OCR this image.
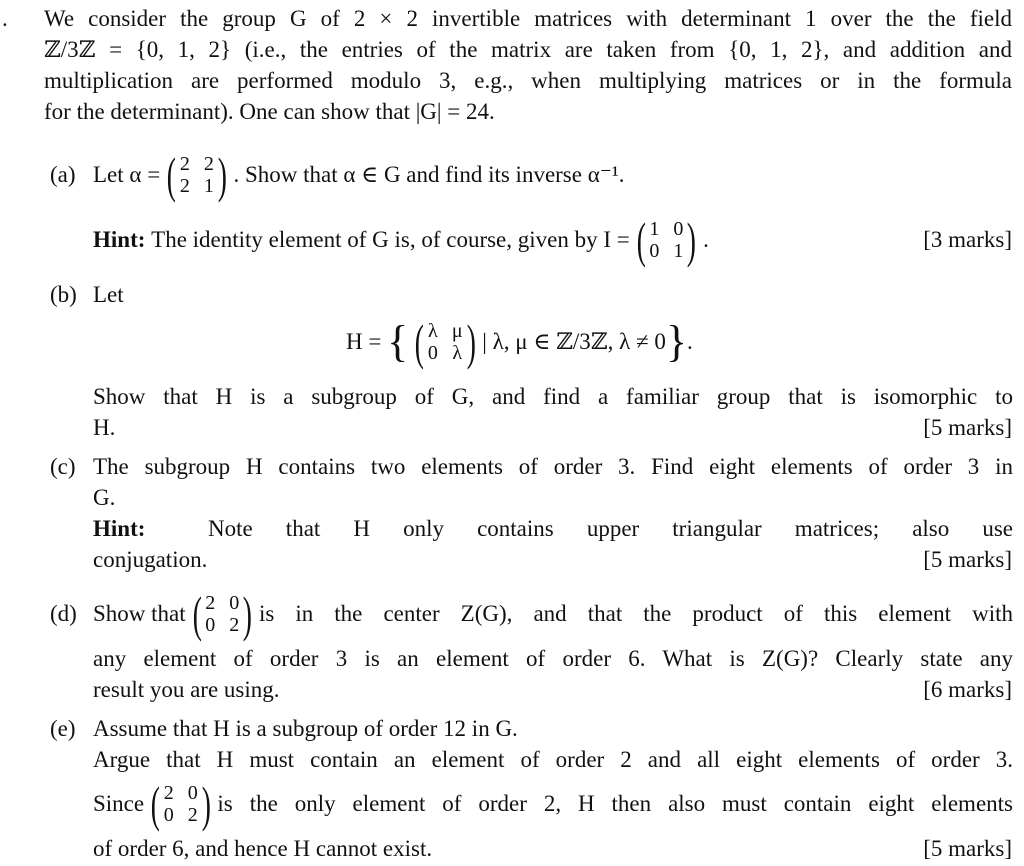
. We consider the group G of 2 × 2 invertible matrices with determinant 1 over the the field
ℤ/3ℤ = {0, 1, 2} (i.e., the entries of the matrix are taken from {0, 1, 2}, and addition and
multiplication are performed modulo 3, e.g., when multiplying matrices or in the formula
for the determinant). One can show that |G| = 24.
(a) Let α = ( 2 2
2 1 ) . Show that α ∈ G and find its inverse α⁻¹.
Hint:
The identity element of G is, of course, given by I = ( 1 0
0 1 ) .	[3 marks]
(b) Let
H =
{ ( λ μ
0 λ ) | λ, μ ∈ ℤ/3ℤ, λ ≠ 0 } .
Show that H is a subgroup of G, and find a familiar group that is isomorphic to
H.	[5 marks]
(c) The subgroup H contains two elements of order 3. Find eight elements of order 3 in
G.
Hint:	Note that H only contains upper triangular matrices; also use
conjugation.	[5 marks]
(d) Show that ( 2 0
0 2 ) is in the center Z(G), and that the product of this element with
any element of order 3 is an element of order 6. What is Z(G)? Clearly state any
result you are using.	[6 marks]
(e) Assume that H is a subgroup of order 12 in G.
Argue that H must contain an element of order 2 and all eight elements of order 3.
Since ( 2 0
0 2 ) is the only element of order 2, H then also must contain eight elements
of order 6, and hence H cannot exist.	[5 marks]
